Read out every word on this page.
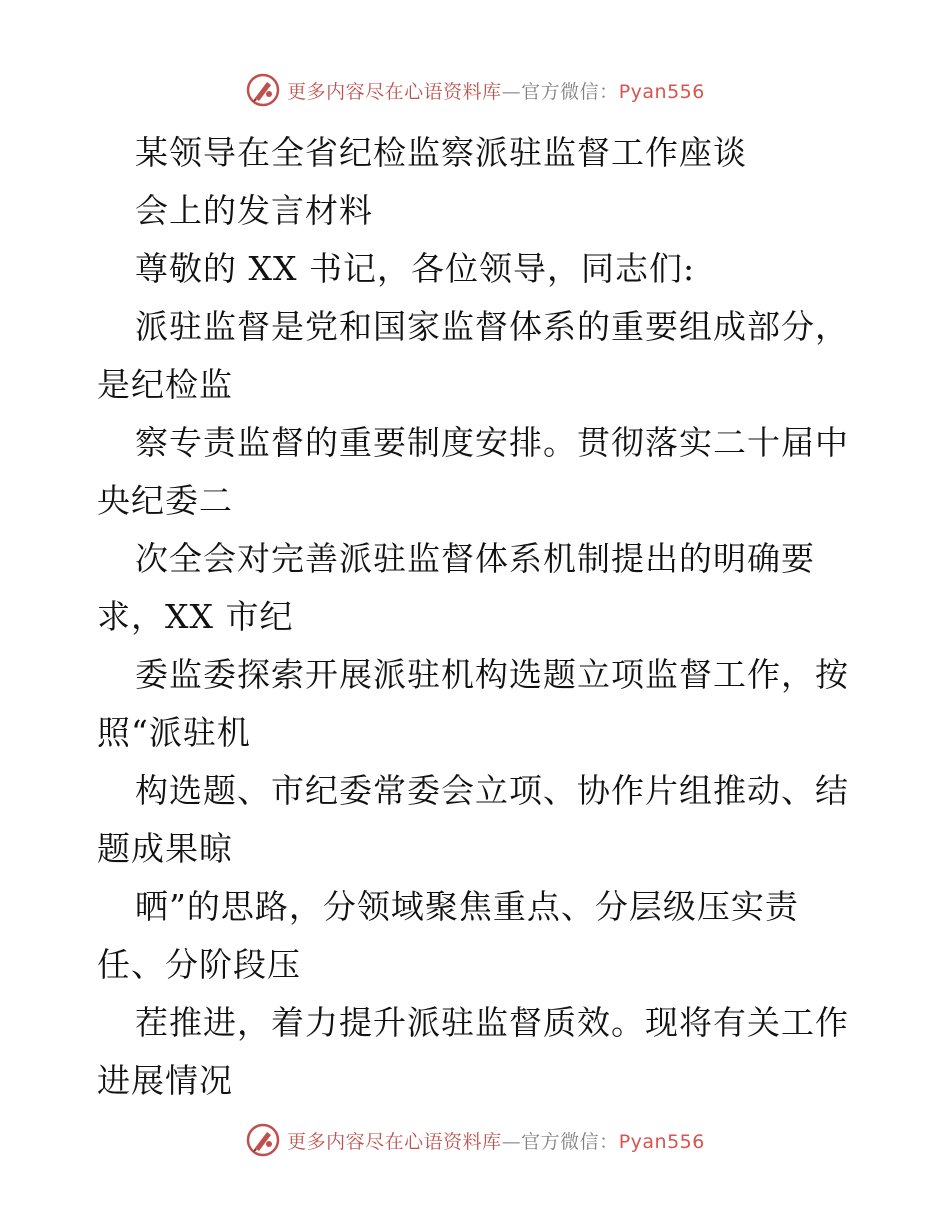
更多内容尽在心语资料库—官方微信：Pyan556
某领导在全省纪检监察派驻监督工作座谈
会上的发言材料
尊敬的 XX 书记，各位领导，同志们:
派驻监督是党和国家监督体系的重要组成部分，
是纪检监
察专责监督的重要制度安排。贯彻落实二十届中
央纪委二
次全会对完善派驻监督体系机制提出的明确要
求，XX 市纪
委监委探索开展派驻机构选题立项监督工作，按
照“派驻机
构选题、市纪委常委会立项、协作片组推动、结
题成果晾
晒”的思路，分领域聚焦重点、分层级压实责
任、分阶段压
茬推进，着力提升派驻监督质效。现将有关工作
进展情况
更多内容尽在心语资料库—官方微信：Pyan556
